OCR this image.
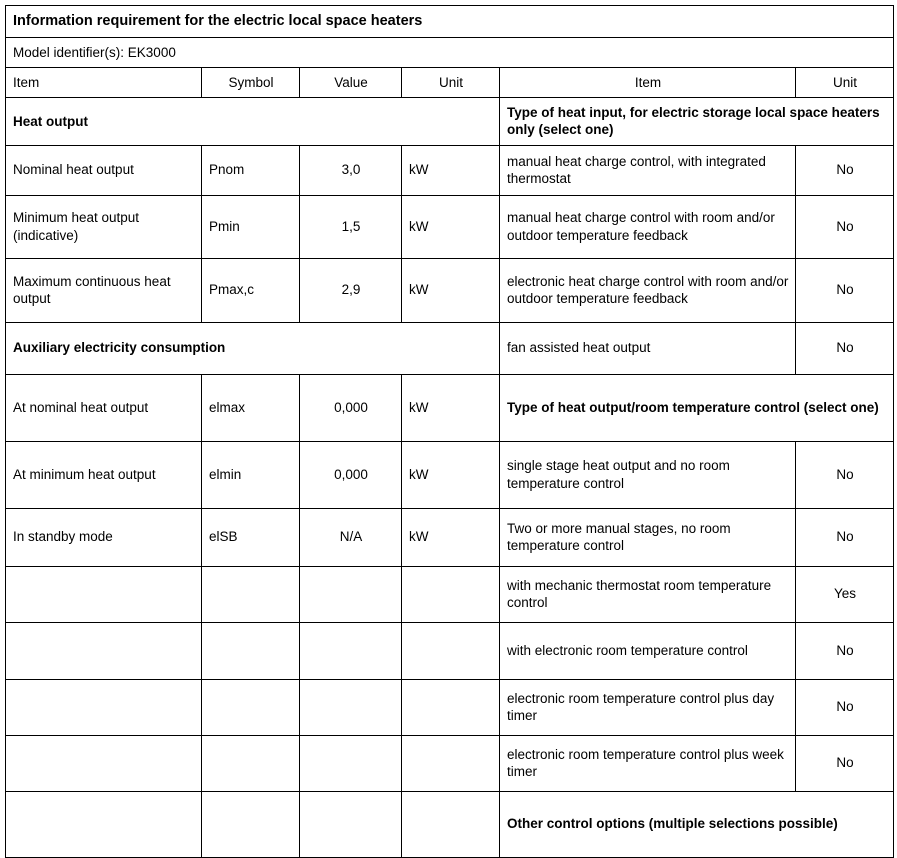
Information requirement for the electric local space heaters					
Model identifier(s): EK3000					
Item	Symbol	Value	Unit	Item	Unit
Heat output				Type of heat input, for electric storage local space heaters only (select one)	
Nominal heat output	Pnom	3,0	kW	manual heat charge control, with integrated thermostat	No
Minimum heat output (indicative)	Pmin	1,5	kW	manual heat charge control with room and/or outdoor temperature feedback	No
Maximum continuous heat output	Pmax,c	2,9	kW	electronic heat charge control with room and/or outdoor temperature feedback	No
Auxiliary electricity consumption				fan assisted heat output	No
At nominal heat output	elmax	0,000	kW	Type of heat output/room temperature control (select one)	
At minimum heat output	elmin	0,000	kW	single stage heat output and no room temperature control	No
In standby mode	elSB	N/A	kW	Two or more manual stages, no room temperature control	No
				with mechanic thermostat room temperature control	Yes
				with electronic room temperature control	No
				electronic room temperature control plus day timer	No
				electronic room temperature control plus week timer	No
				Other control options (multiple selections possible)	
